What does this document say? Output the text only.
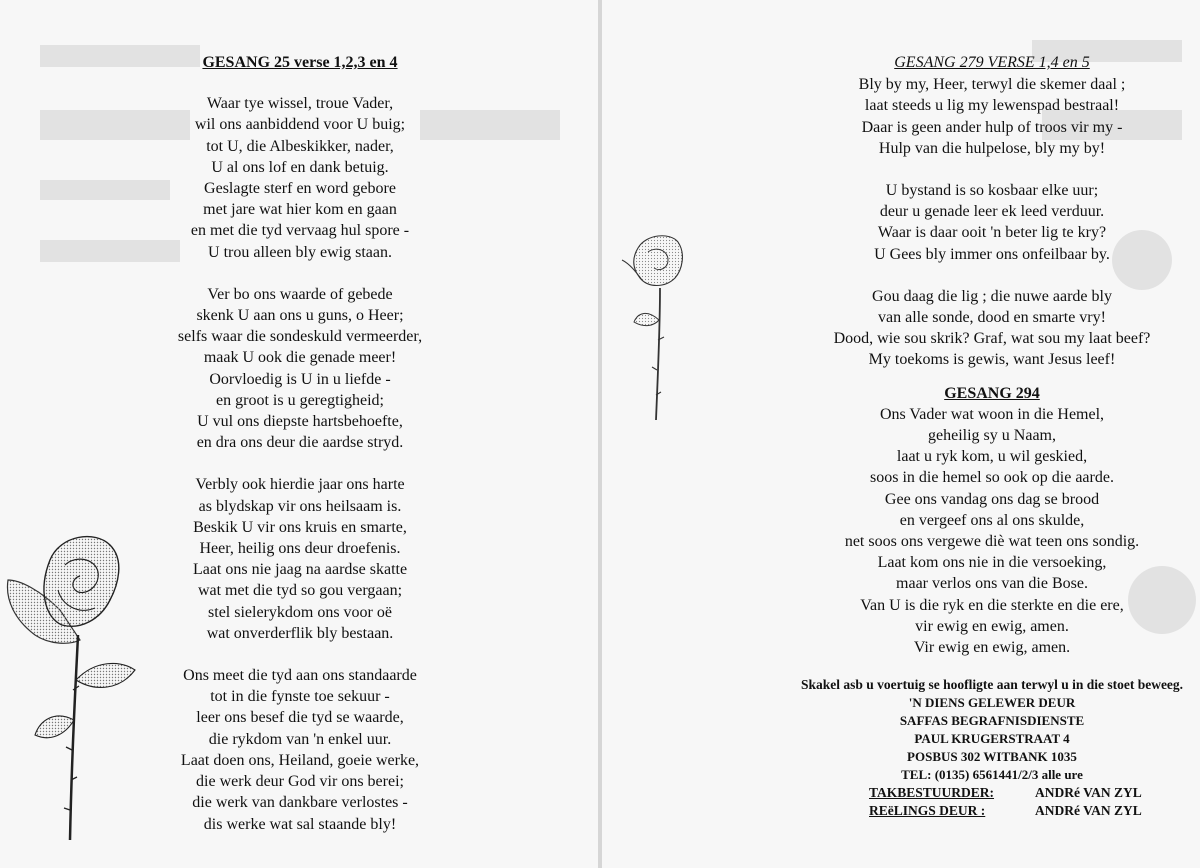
GESANG 25 verse 1,2,3 en 4
Waar tye wissel, troue Vader,
wil ons aanbiddend voor U buig;
tot U, die Albeskikker, nader,
U al ons lof en dank betuig.
Geslagte sterf en word gebore
met jare wat hier kom en gaan
en met die tyd vervaag hul spore -
U trou alleen bly ewig staan.
Ver bo ons waarde of gebede
skenk U aan ons u guns, o Heer;
selfs waar die sondeskuld vermeerder,
maak U ook die genade meer!
Oorvloedig is U in u liefde -
en groot is u geregtigheid;
U vul ons diepste hartsbehoefte,
en dra ons deur die aardse stryd.
Verbly ook hierdie jaar ons harte
as blydskap vir ons heilsaam is.
Beskik U vir ons kruis en smarte,
Heer, heilig ons deur droefenis.
Laat ons nie jaag na aardse skatte
wat met die tyd so gou vergaan;
stel sielerykdom ons voor oë
wat onverderflik bly bestaan.
Ons meet die tyd aan ons standaarde
tot in die fynste toe sekuur -
leer ons besef die tyd se waarde,
die rykdom van 'n enkel uur.
Laat doen ons, Heiland, goeie werke,
die werk deur God vir ons berei;
die werk van dankbare verlostes -
dis werke wat sal staande bly!
GESANG 279 VERSE 1,4 en 5
Bly by my, Heer, terwyl die skemer daal ;
laat steeds u lig my lewenspad bestraal!
Daar is geen ander hulp of troos vir my -
Hulp van die hulpelose, bly my by!
U bystand is so kosbaar elke uur;
deur u genade leer ek leed verduur.
Waar is daar ooit 'n beter lig te kry?
U Gees bly immer ons onfeilbaar by.
Gou daag die lig ; die nuwe aarde bly
van alle sonde, dood en smarte vry!
Dood, wie sou skrik? Graf, wat sou my laat beef?
My toekoms is gewis, want Jesus leef!
GESANG 294
Ons Vader wat woon in die Hemel,
geheilig sy u Naam,
laat u ryk kom, u wil geskied,
soos in die hemel so ook op die aarde.
Gee ons vandag ons dag se brood
en vergeef ons al ons skulde,
net soos ons vergewe diè wat teen ons sondig.
Laat kom ons nie in die versoeking,
maar verlos ons van die Bose.
Van U is die ryk en die sterkte en die ere,
vir ewig en ewig, amen.
Vir ewig en ewig, amen.
Skakel asb u voertuig se hoofligte aan terwyl u in die stoet beweeg.
'N DIENS GELEWER DEUR
SAFFAS BEGRAFNISDIENSTE
PAUL KRUGERSTRAAT 4
POSBUS 302 WITBANK 1035
TEL: (0135) 6561441/2/3 alle ure
TAKBESTUURDER:	ANDRé VAN ZYL
REëLINGS DEUR :	ANDRé VAN ZYL
